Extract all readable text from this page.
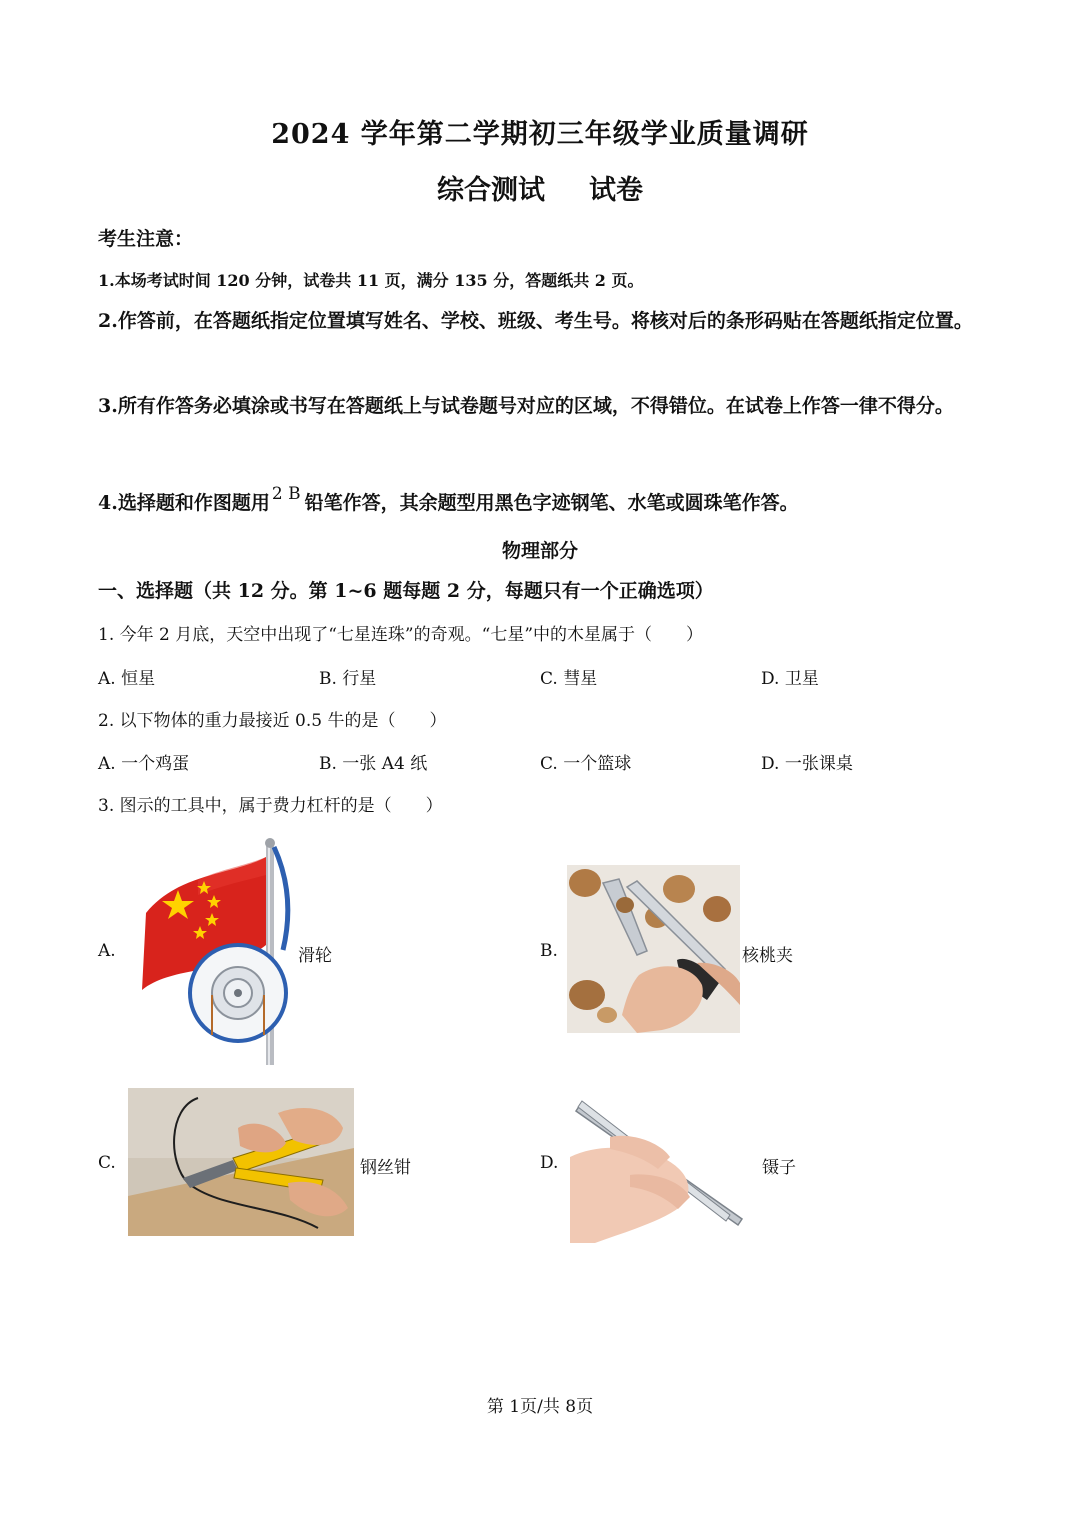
2024 学年第二学期初三年级学业质量调研
综合测试 试卷
考生注意：
1.本场考试时间 120 分钟，试卷共 11 页，满分 135 分，答题纸共 2 页。
2.作答前，在答题纸指定位置填写姓名、学校、班级、考生号。将核对后的条形码贴在答题纸指定位置。
3.所有作答务必填涂或书写在答题纸上与试卷题号对应的区域，不得错位。在试卷上作答一律不得分。
4.选择题和作图题用 2 B 铅笔作答，其余题型用黑色字迹钢笔、水笔或圆珠笔作答。
物理部分
一、选择题（共 12 分。第 1~6 题每题 2 分，每题只有一个正确选项）
1. 今年 2 月底，天空中出现了“七星连珠”的奇观。“七星”中的木星属于（　　）
A. 恒星	B. 行星	C. 彗星	D. 卫星
2. 以下物体的重力最接近 0.5 牛的是（　　）
A. 一个鸡蛋	B. 一张 A4 纸	C. 一个篮球	D. 一张课桌
3. 图示的工具中，属于费力杠杆的是（　　）
A.	滑轮	B.	核桃夹
C.	钢丝钳	D.	镊子
第 1页/共 8页
